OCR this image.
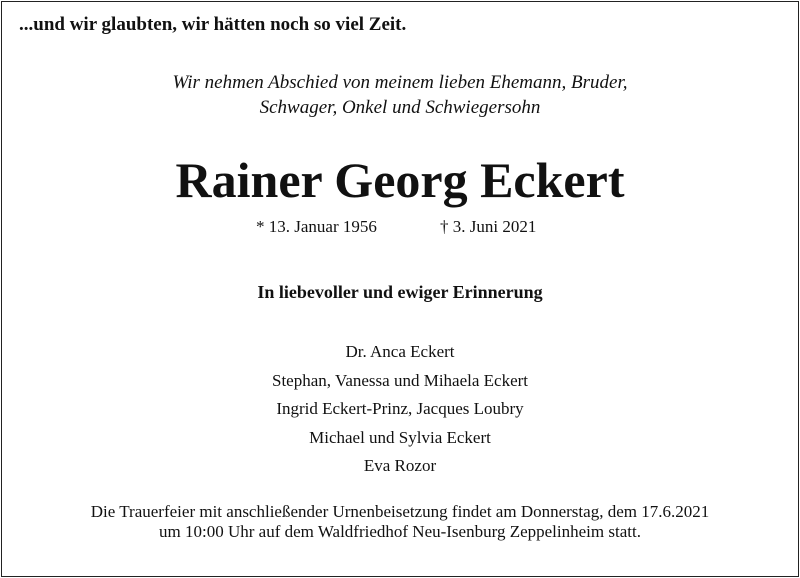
...und wir glaubten, wir hätten noch so viel Zeit.
Wir nehmen Abschied von meinem lieben Ehemann, Bruder,
Schwager, Onkel und Schwiegersohn
Rainer Georg Eckert
* 13. Januar 1956	† 3. Juni 2021
In liebevoller und ewiger Erinnerung
Dr. Anca Eckert
Stephan, Vanessa und Mihaela Eckert
Ingrid Eckert-Prinz, Jacques Loubry
Michael und Sylvia Eckert
Eva Rozor
Die Trauerfeier mit anschließender Urnenbeisetzung findet am Donnerstag, dem 17.6.2021
um 10:00 Uhr auf dem Waldfriedhof Neu-Isenburg Zeppelinheim statt.
